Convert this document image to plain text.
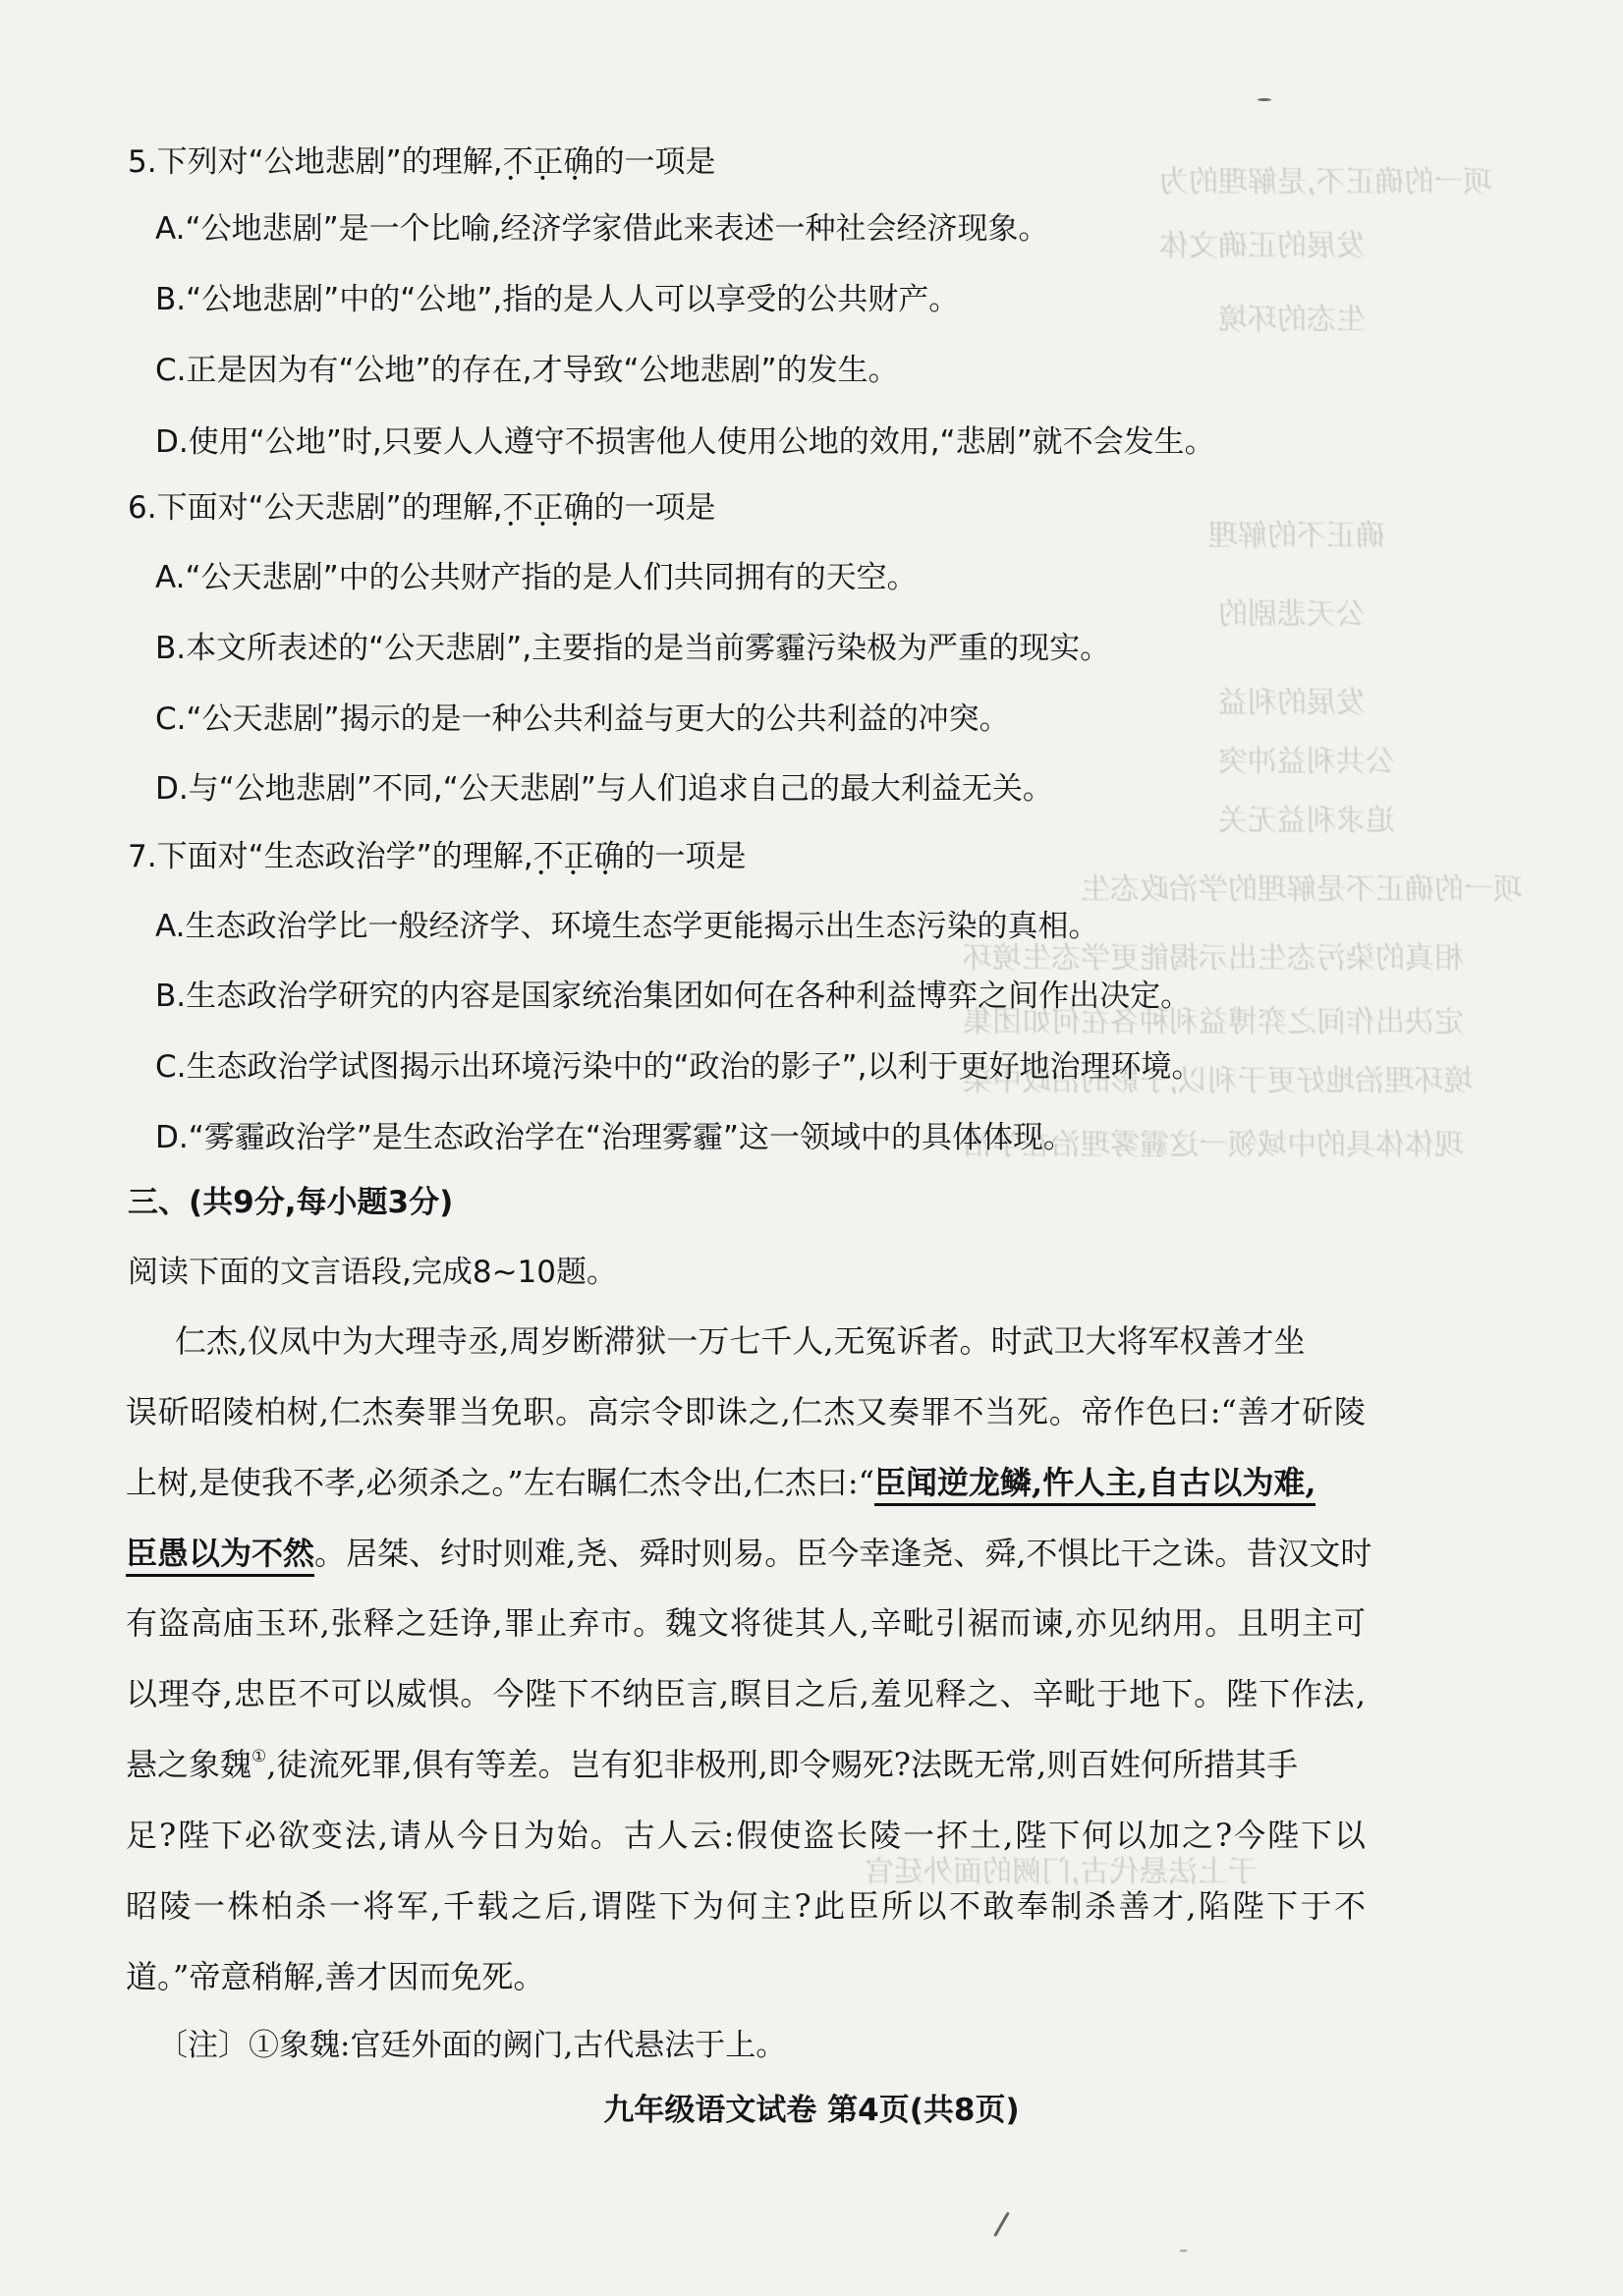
项一的确正不,是解理的为
发展的正确文体
生态的环境
确正不的解理
公天悲剧的
发展的利益
公共利益冲突
追求利益无关
项一的确正不是解理的学治政态生
相真的染污态生出示揭能更学态生境环
定决出作间之弈博益利种各在何如团集
境环理治地好更于利以,子影的治政中染
现体体具的中域领一这霾雾理治在学治
于上法悬代古,门阙的面外廷官
5.下列对“公地悲剧”的理解,不正确 • • •的一项是
A.“公地悲剧”是一个比喻,经济学家借此来表述一种社会经济现象。
B.“公地悲剧”中的“公地”,指的是人人可以享受的公共财产。
C.正是因为有“公地”的存在,才导致“公地悲剧”的发生。
D.使用“公地”时,只要人人遵守不损害他人使用公地的效用,“悲剧”就不会发生。
6.下面对“公天悲剧”的理解,不正确 • • •的一项是
A.“公天悲剧”中的公共财产指的是人们共同拥有的天空。
B.本文所表述的“公天悲剧”,主要指的是当前雾霾污染极为严重的现实。
C.“公天悲剧”揭示的是一种公共利益与更大的公共利益的冲突。
D.与“公地悲剧”不同,“公天悲剧”与人们追求自己的最大利益无关。
7.下面对“生态政治学”的理解,不正确 • • •的一项是
A.生态政治学比一般经济学、环境生态学更能揭示出生态污染的真相。
B.生态政治学研究的内容是国家统治集团如何在各种利益博弈之间作出决定。
C.生态政治学试图揭示出环境污染中的“政治的影子”,以利于更好地治理环境。
D.“雾霾政治学”是生态政治学在“治理雾霾”这一领域中的具体体现。
三、(共9分,每小题3分)
阅读下面的文言语段,完成8~10题。
仁杰,仪凤中为大理寺丞,周岁断滞狱一万七千人,无冤诉者。时武卫大将军权善才坐
误斫昭陵柏树,仁杰奏罪当免职。高宗令即诛之,仁杰又奏罪不当死。帝作色曰:“善才斫陵
上树,是使我不孝,必须杀之。”左右瞩仁杰令出,仁杰曰:“臣闻逆龙鳞,忤人主,自古以为难,
臣愚以为不然。居桀、纣时则难,尧、舜时则易。臣今幸逢尧、舜,不惧比干之诛。昔汉文时
有盗高庙玉环,张释之廷诤,罪止弃市。魏文将徙其人,辛毗引裾而谏,亦见纳用。且明主可
以理夺,忠臣不可以威惧。今陛下不纳臣言,瞑目之后,羞见释之、辛毗于地下。陛下作法,
悬之象魏①,徒流死罪,俱有等差。岂有犯非极刑,即令赐死?法既无常,则百姓何所措其手
足?陛下必欲变法,请从今日为始。古人云:假使盗长陵一抔土,陛下何以加之?今陛下以
昭陵一株柏杀一将军,千载之后,谓陛下为何主?此臣所以不敢奉制杀善才,陷陛下于不
道。”帝意稍解,善才因而免死。
〔注〕①象魏:官廷外面的阙门,古代悬法于上。
九年级语文试卷 第4页(共8页)
-
